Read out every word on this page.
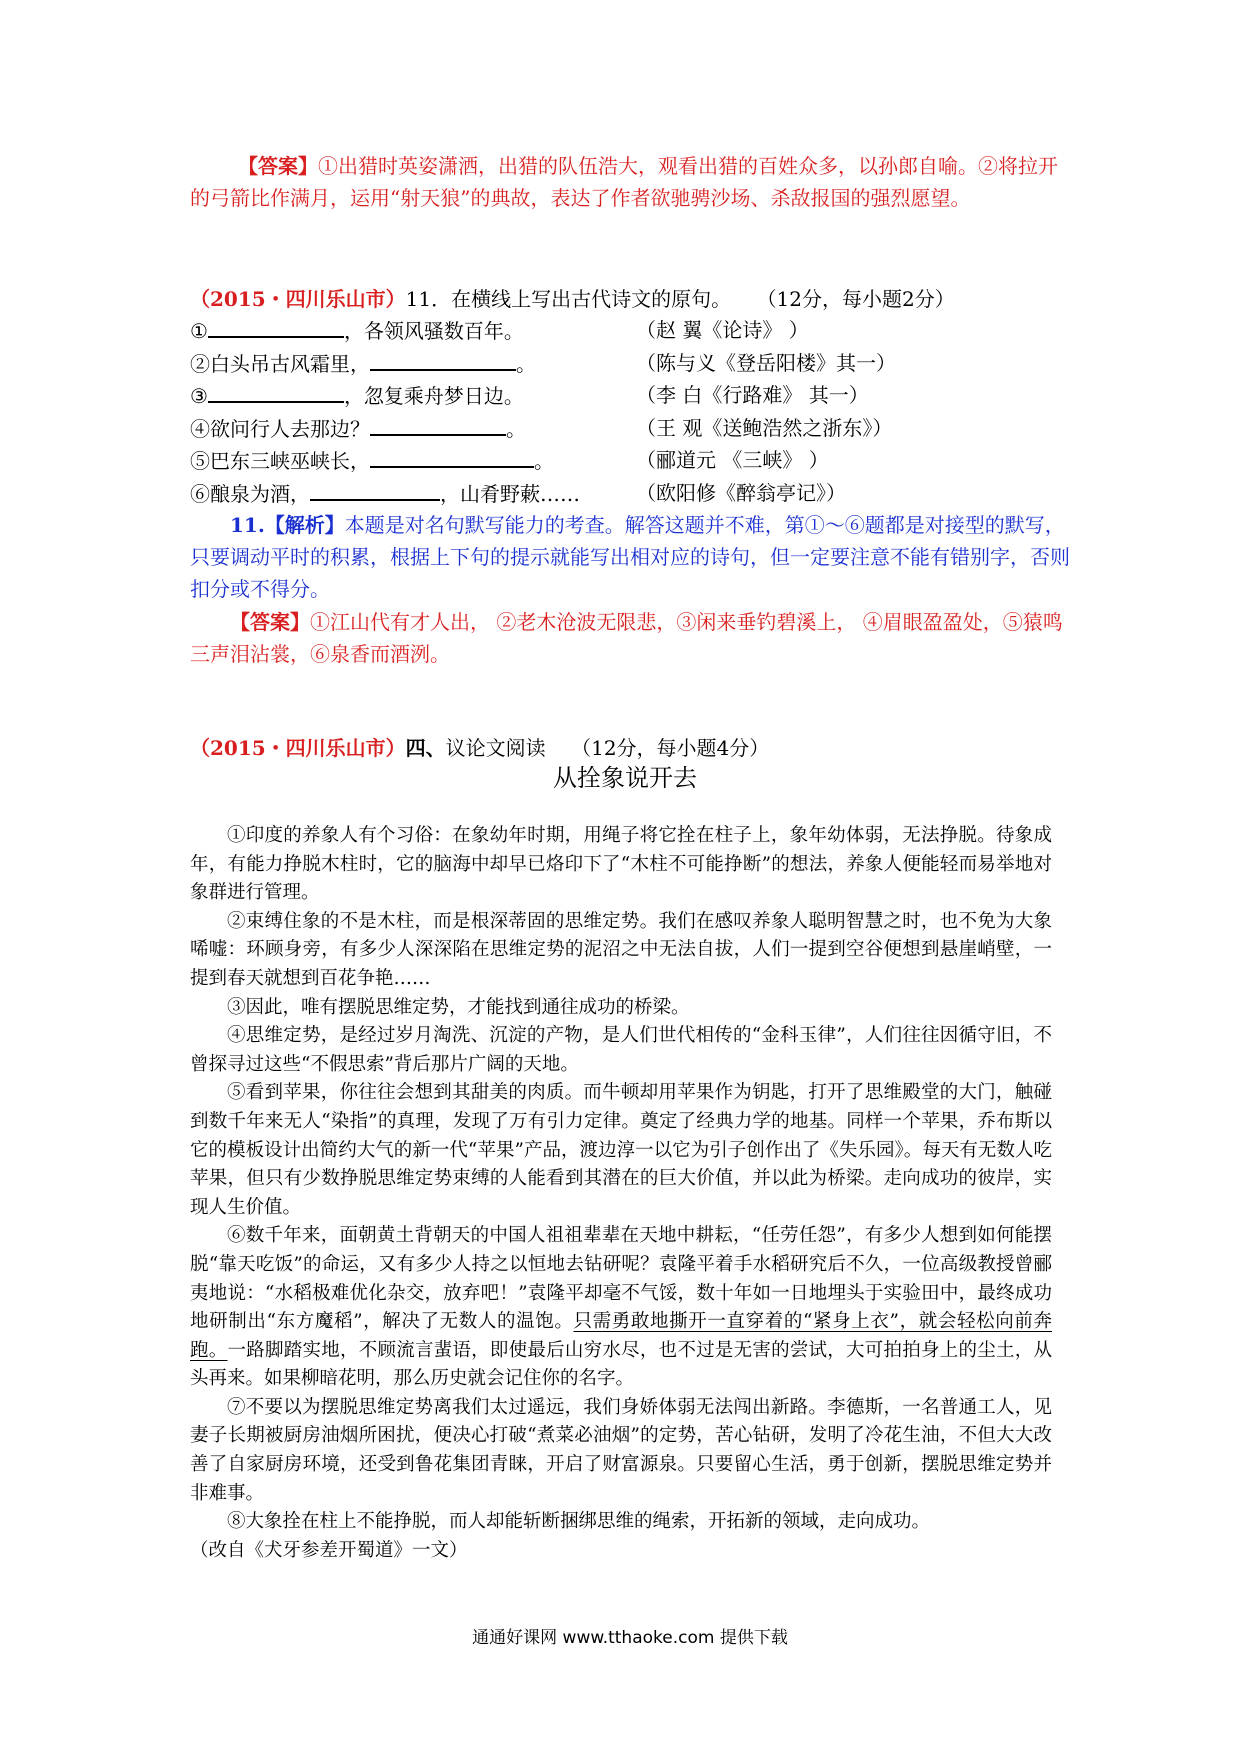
【答案】①出猎时英姿潇洒，出猎的队伍浩大，观看出猎的百姓众多，以孙郎自喻。②将拉开的弓箭比作满月，运用“射天狼”的典故，表达了作者欲驰骋沙场、杀敌报国的强烈愿望。
（2015・四川乐山市）11．在横线上写出古代诗文的原句。 （12分，每小题2分）
①	，各领风骚数百年。	（赵 翼《论诗》 ）
②白头吊古风霜里，	。	（陈与义《登岳阳楼》其一）
③	，忽复乘舟梦日边。	（李 白《行路难》 其一）
④欲问行人去那边？	。	（王 观《送鲍浩然之浙东》）
⑤巴东三峡巫峡长，	。	（郦道元 《三峡》 ）
⑥酿泉为酒，	，山肴野蔌……	（欧阳修《醉翁亭记》）
11.【解析】本题是对名句默写能力的考查。解答这题并不难，第①～⑥题都是对接型的默写，只要调动平时的积累，根据上下句的提示就能写出相对应的诗句，但一定要注意不能有错别字，否则扣分或不得分。
【答案】①江山代有才人出， ②老木沧波无限悲，③闲来垂钓碧溪上， ④眉眼盈盈处，⑤猿鸣三声泪沾裳，⑥泉香而酒洌。
（2015・四川乐山市）四、议论文阅读 （12分，每小题4分）
从拴象说开去

①印度的养象人有个习俗：在象幼年时期，用绳子将它拴在柱子上，象年幼体弱，无法挣脱。待象成年，有能力挣脱木柱时，它的脑海中却早已烙印下了“木柱不可能挣断”的想法，养象人便能轻而易举地对象群进行管理。

②束缚住象的不是木柱，而是根深蒂固的思维定势。我们在感叹养象人聪明智慧之时，也不免为大象唏嘘：环顾身旁，有多少人深深陷在思维定势的泥沼之中无法自拔，人们一提到空谷便想到悬崖峭壁，一提到春天就想到百花争艳……

③因此，唯有摆脱思维定势，才能找到通往成功的桥梁。

④思维定势，是经过岁月淘洗、沉淀的产物，是人们世代相传的“金科玉律”，人们往往因循守旧，不曾探寻过这些“不假思索”背后那片广阔的天地。

⑤看到苹果，你往往会想到其甜美的肉质。而牛顿却用苹果作为钥匙，打开了思维殿堂的大门，触碰到数千年来无人“染指”的真理，发现了万有引力定律。奠定了经典力学的地基。同样一个苹果，乔布斯以它的模板设计出简约大气的新一代“苹果”产品，渡边淳一以它为引子创作出了《失乐园》。每天有无数人吃苹果，但只有少数挣脱思维定势束缚的人能看到其潜在的巨大价值，并以此为桥梁。走向成功的彼岸，实现人生价值。

⑥数千年来，面朝黄土背朝天的中国人祖祖辈辈在天地中耕耘，“任劳任怨”，有多少人想到如何能摆脱“靠天吃饭”的命运，又有多少人持之以恒地去钻研呢？袁隆平着手水稻研究后不久，一位高级教授曾郦夷地说：“水稻极难优化杂交，放弃吧！”袁隆平却毫不气馁，数十年如一日地埋头于实验田中，最终成功地研制出“东方魔稻”，解决了无数人的温饱。只需勇敢地撕开一直穿着的“紧身上衣”，就会轻松向前奔跑。一路脚踏实地，不顾流言蜚语，即使最后山穷水尽，也不过是无害的尝试，大可拍拍身上的尘土，从头再来。如果柳暗花明，那么历史就会记住你的名字。

⑦不要以为摆脱思维定势离我们太过遥远，我们身娇体弱无法闯出新路。李德斯，一名普通工人，见妻子长期被厨房油烟所困扰，便决心打破“煮菜必油烟”的定势，苦心钻研，发明了冷花生油，不但大大改善了自家厨房环境，还受到鲁花集团青睐，开启了财富源泉。只要留心生活，勇于创新，摆脱思维定势并非难事。

⑧大象拴在柱上不能挣脱，而人却能斩断捆绑思维的绳索，开拓新的领域，走向成功。

（改自《犬牙参差开蜀道》一文）

通通好课网 www.tthaoke.com 提供下载
